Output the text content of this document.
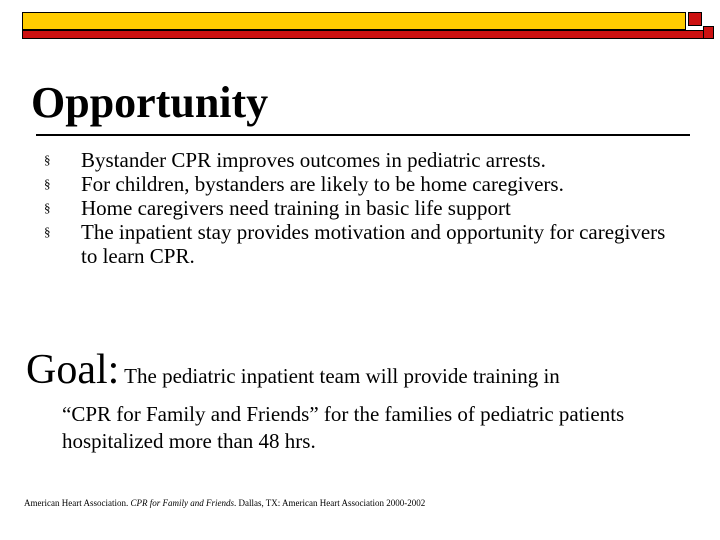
Opportunity
§ Bystander CPR improves outcomes in pediatric arrests.
§ For children, bystanders are likely to be home caregivers.
§ Home caregivers need training in basic life support
§ The inpatient stay provides motivation and opportunity for caregivers to learn CPR.
Goal: The pediatric inpatient team will provide training in
“CPR for Family and Friends” for the families of pediatric patients hospitalized more than 48 hrs.
American Heart Association. CPR for Family and Friends. Dallas, TX: American Heart Association 2000-2002
